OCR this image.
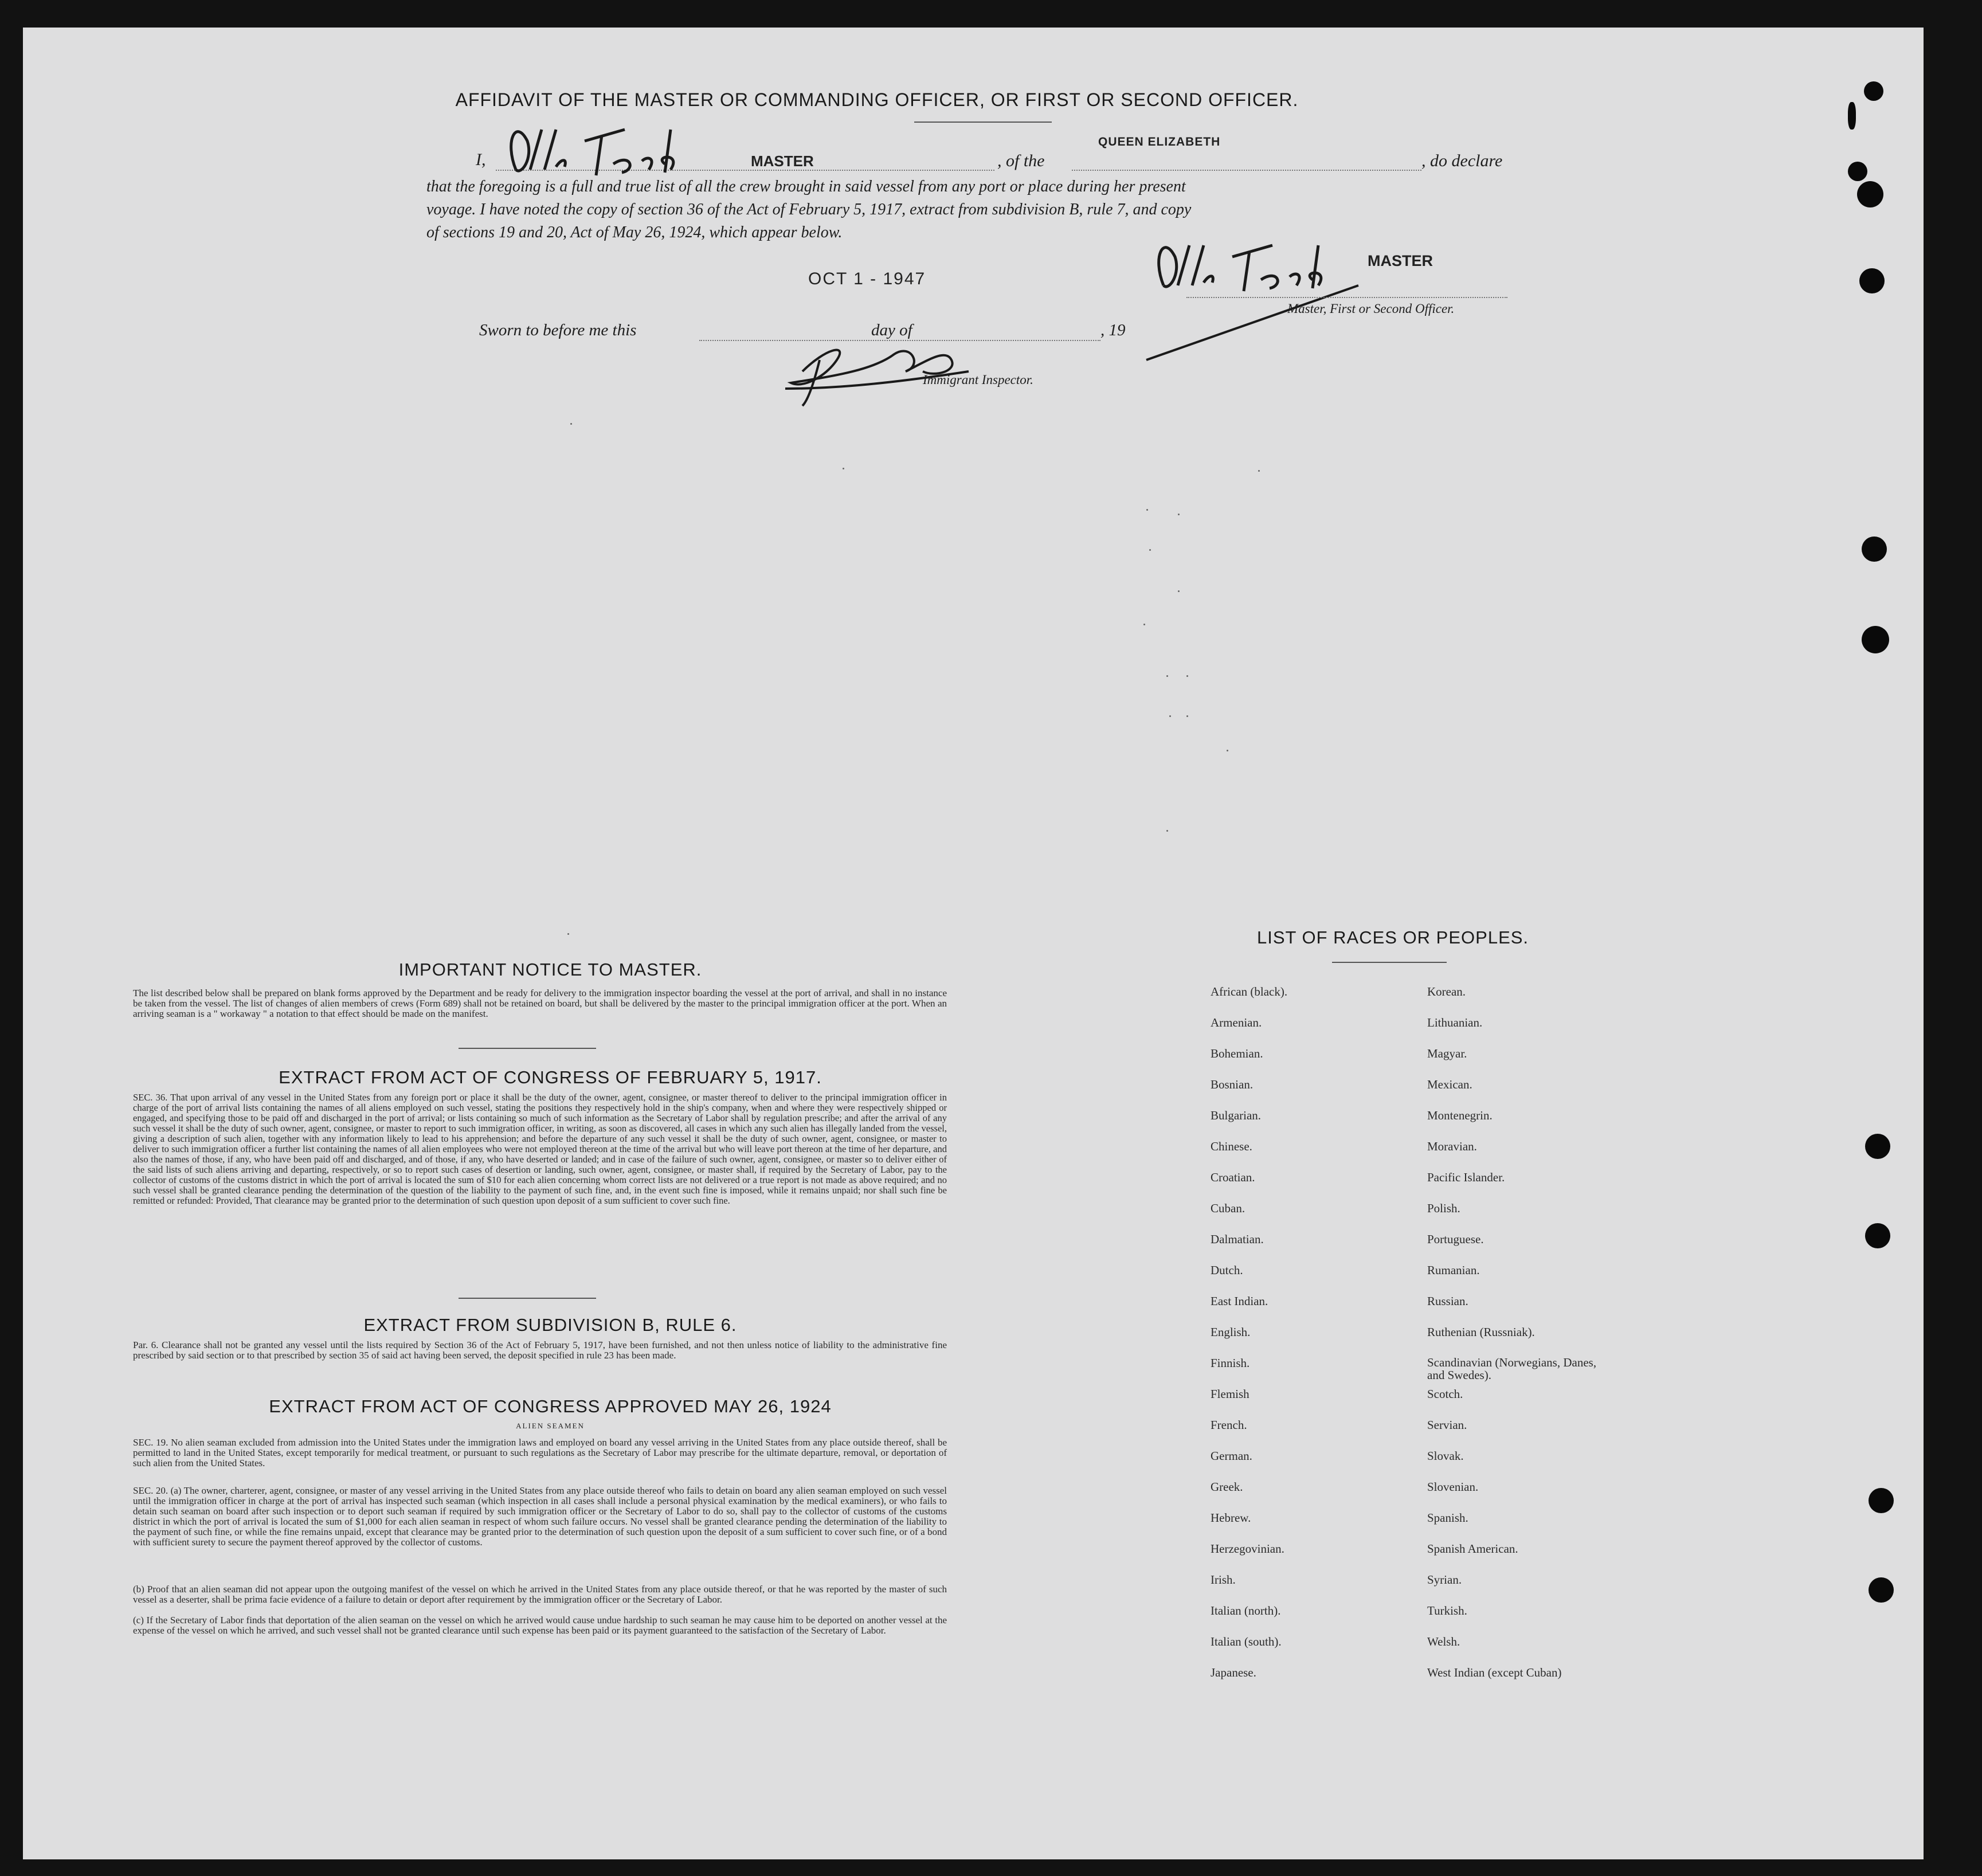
AFFIDAVIT OF THE MASTER OR COMMANDING OFFICER, OR FIRST OR SECOND OFFICER.
QUEEN ELIZABETH
I,	MASTER	, of the	, do declare
that the foregoing is a full and true list of all the crew brought in said vessel from any port or place during her present
voyage. I have noted the copy of section 36 of the Act of February 5, 1917, extract from subdivision B, rule 7, and copy
of sections 19 and 20, Act of May 26, 1924, which appear below.
MASTER
Master, First or Second Officer.
OCT 1 - 1947
Sworn to before me this	day of	, 19
Immigrant Inspector.
IMPORTANT NOTICE TO MASTER.
The list described below shall be prepared on blank forms approved by the Department and be ready for delivery to the immigration inspector boarding the vessel at the port of arrival, and shall in no instance be taken from the vessel. The list of changes of alien members of crews (Form 689) shall not be retained on board, but shall be delivered by the master to the principal immigration officer at the port. When an arriving seaman is a " workaway " a notation to that effect should be made on the manifest.
EXTRACT FROM ACT OF CONGRESS OF FEBRUARY 5, 1917.
SEC. 36. That upon arrival of any vessel in the United States from any foreign port or place it shall be the duty of the owner, agent, consignee, or master thereof to deliver to the principal immigration officer in charge of the port of arrival lists containing the names of all aliens employed on such vessel, stating the positions they respectively hold in the ship's company, when and where they were respectively shipped or engaged, and specifying those to be paid off and discharged in the port of arrival; or lists containing so much of such information as the Secretary of Labor shall by regulation prescribe; and after the arrival of any such vessel it shall be the duty of such owner, agent, consignee, or master to report to such immigration officer, in writing, as soon as discovered, all cases in which any such alien has illegally landed from the vessel, giving a description of such alien, together with any information likely to lead to his apprehension; and before the departure of any such vessel it shall be the duty of such owner, agent, consignee, or master to deliver to such immigration officer a further list containing the names of all alien employees who were not employed thereon at the time of the arrival but who will leave port thereon at the time of her departure, and also the names of those, if any, who have been paid off and discharged, and of those, if any, who have deserted or landed; and in case of the failure of such owner, agent, consignee, or master so to deliver either of the said lists of such aliens arriving and departing, respectively, or so to report such cases of desertion or landing, such owner, agent, consignee, or master shall, if required by the Secretary of Labor, pay to the collector of customs of the customs district in which the port of arrival is located the sum of $10 for each alien concerning whom correct lists are not delivered or a true report is not made as above required; and no such vessel shall be granted clearance pending the determination of the question of the liability to the payment of such fine, and, in the event such fine is imposed, while it remains unpaid; nor shall such fine be remitted or refunded: Provided, That clearance may be granted prior to the determination of such question upon deposit of a sum sufficient to cover such fine.
EXTRACT FROM SUBDIVISION B, RULE 6.
Par. 6. Clearance shall not be granted any vessel until the lists required by Section 36 of the Act of February 5, 1917, have been furnished, and not then unless notice of liability to the administrative fine prescribed by said section or to that prescribed by section 35 of said act having been served, the deposit specified in rule 23 has been made.
EXTRACT FROM ACT OF CONGRESS APPROVED MAY 26, 1924
ALIEN SEAMEN
SEC. 19. No alien seaman excluded from admission into the United States under the immigration laws and employed on board any vessel arriving in the United States from any place outside thereof, shall be permitted to land in the United States, except temporarily for medical treatment, or pursuant to such regulations as the Secretary of Labor may prescribe for the ultimate departure, removal, or deportation of such alien from the United States.
SEC. 20. (a) The owner, charterer, agent, consignee, or master of any vessel arriving in the United States from any place outside thereof who fails to detain on board any alien seaman employed on such vessel until the immigration officer in charge at the port of arrival has inspected such seaman (which inspection in all cases shall include a personal physical examination by the medical examiners), or who fails to detain such seaman on board after such inspection or to deport such seaman if required by such immigration officer or the Secretary of Labor to do so, shall pay to the collector of customs of the customs district in which the port of arrival is located the sum of $1,000 for each alien seaman in respect of whom such failure occurs. No vessel shall be granted clearance pending the determination of the liability to the payment of such fine, or while the fine remains unpaid, except that clearance may be granted prior to the determination of such question upon the deposit of a sum sufficient to cover such fine, or of a bond with sufficient surety to secure the payment thereof approved by the collector of customs.
(b) Proof that an alien seaman did not appear upon the outgoing manifest of the vessel on which he arrived in the United States from any place outside thereof, or that he was reported by the master of such vessel as a deserter, shall be prima facie evidence of a failure to detain or deport after requirement by the immigration officer or the Secretary of Labor.
(c) If the Secretary of Labor finds that deportation of the alien seaman on the vessel on which he arrived would cause undue hardship to such seaman he may cause him to be deported on another vessel at the expense of the vessel on which he arrived, and such vessel shall not be granted clearance until such expense has been paid or its payment guaranteed to the satisfaction of the Secretary of Labor.
LIST OF RACES OR PEOPLES.
African (black).
Armenian.
Bohemian.
Bosnian.
Bulgarian.
Chinese.
Croatian.
Cuban.
Dalmatian.
Dutch.
East Indian.
English.
Finnish.
Flemish
French.
German.
Greek.
Hebrew.
Herzegovinian.
Irish.
Italian (north).
Italian (south).
Japanese.
Korean.
Lithuanian.
Magyar.
Mexican.
Montenegrin.
Moravian.
Pacific Islander.
Polish.
Portuguese.
Rumanian.
Russian.
Ruthenian (Russniak).
Scandinavian (Norwegians, Danes, and Swedes).
Scotch.
Servian.
Slovak.
Slovenian.
Spanish.
Spanish American.
Syrian.
Turkish.
Welsh.
West Indian (except Cuban)
